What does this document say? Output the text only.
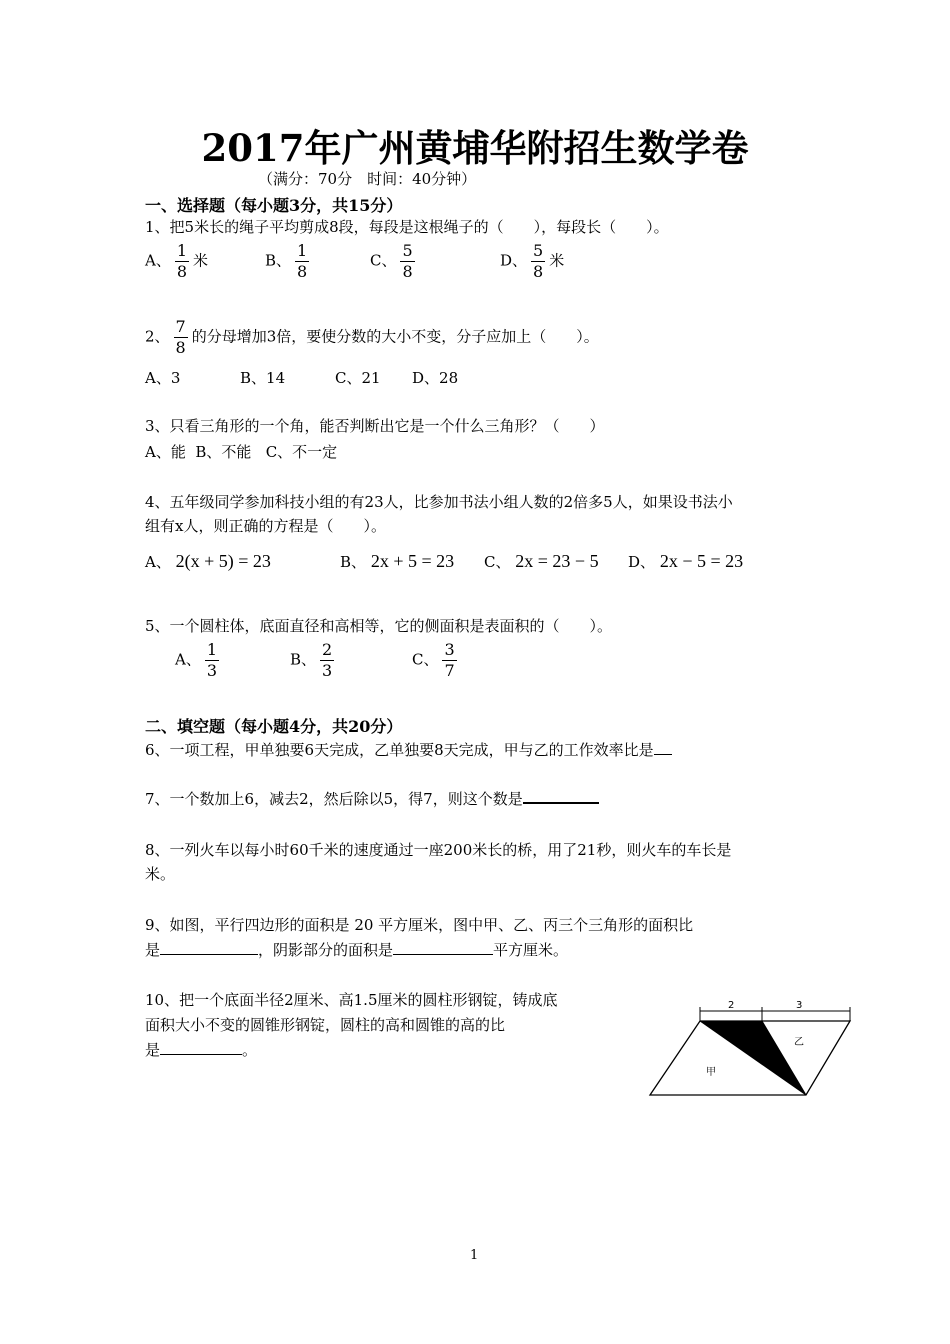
2017年广州黄埔华附招生数学卷
（满分：70分　时间：40分钟）
一、选择题（每小题3分，共15分）
1、把5米长的绳子平均剪成8段，每段是这根绳子的（　　），每段长（　　）。
A、 $\frac{1}{8}$ 米	B、 $\frac{1}{8}$	C、 $\frac{5}{8}$	D、 $\frac{5}{8}$ 米
2、 $\frac{7}{8}$ 的分母增加3倍，要使分数的大小不变，分子应加上（　　）。
A、3	B、14	C、21 D、28
3、只看三角形的一个角，能否判断出它是一个什么三角形？（　　）
A、能  B、不能   C、不一定
4、五年级同学参加科技小组的有23人，比参加书法小组人数的2倍多5人，如果设书法小
组有x人，则正确的方程是（　　）。
A、 2(x + 5) = 23	B、 2x + 5 = 23 C、 2x = 23 − 5 D、 2x − 5 = 23
5、一个圆柱体，底面直径和高相等，它的侧面积是表面积的（　　）。
A、 $\frac{1}{3}$	B、 $\frac{2}{3}$	C、 $\frac{3}{7}$
二、填空题（每小题4分，共20分）
6、一项工程，甲单独要6天完成，乙单独要8天完成，甲与乙的工作效率比是
7、一个数加上6，减去2，然后除以5，得7，则这个数是
8、一列火车以每小时60千米的速度通过一座200米长的桥，用了21秒，则火车的车长是
米。
9、如图，平行四边形的面积是 20 平方厘米，图中甲、乙、丙三个三角形的面积比
是	，阴影部分的面积是	平方厘米。
10、把一个底面半径2厘米、高1.5厘米的圆柱形钢锭，铸成底
面积大小不变的圆锥形钢锭，圆柱的高和圆锥的高的比
是	。
2	3
乙
甲
1
